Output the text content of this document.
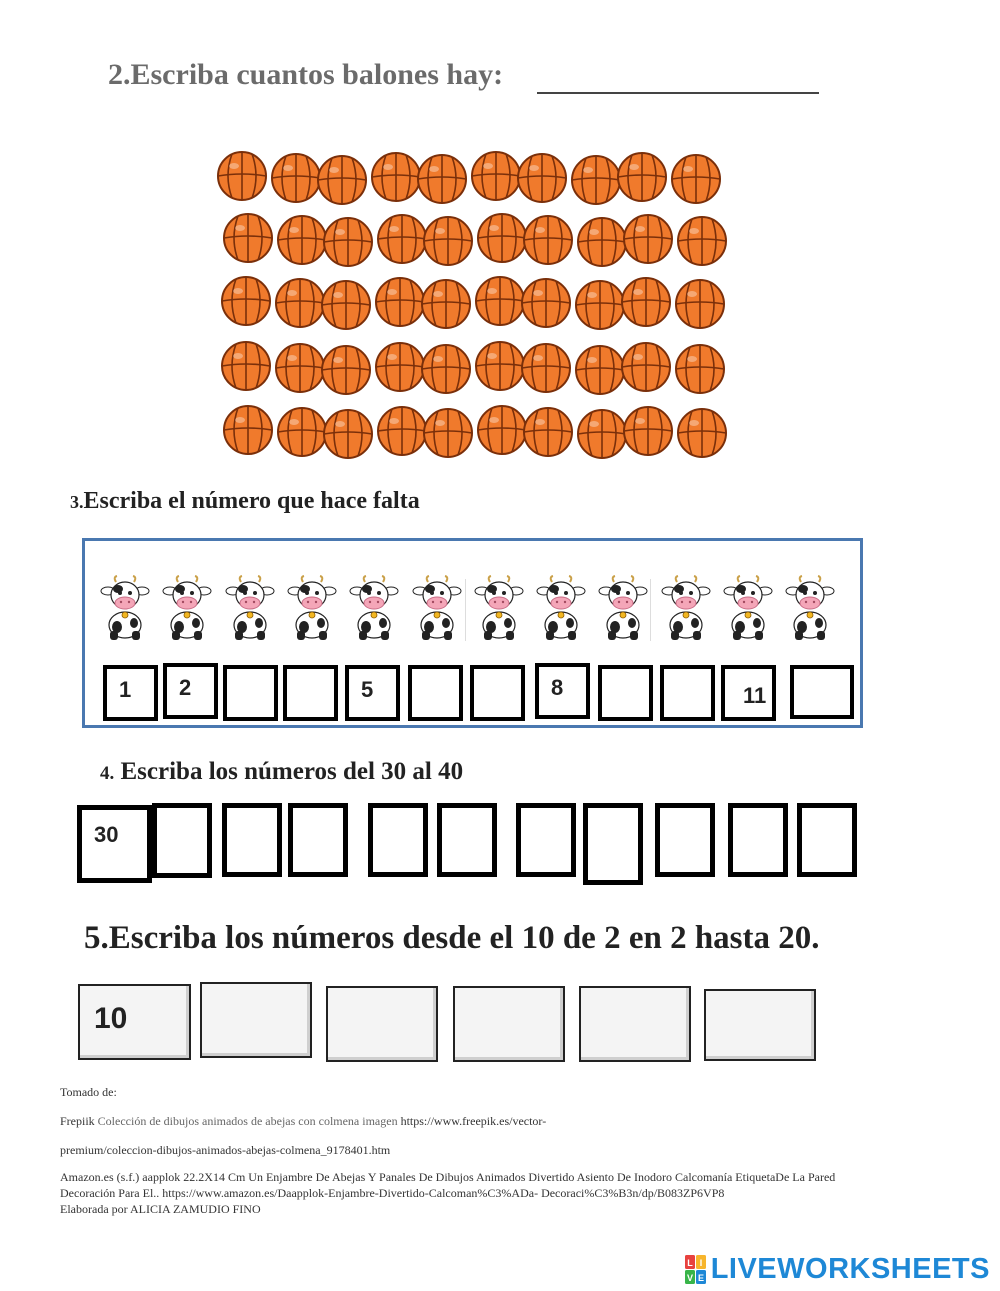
2.Escriba cuantos balones hay:
3.Escriba el número que hace falta
1 2	5	8	11
4. Escriba los números del 30 al 40
30
5.Escriba los números desde el 10 de 2 en 2 hasta 20.
10
Tomado de:
Frepiik Colección de dibujos animados de abejas con colmena imagen https://www.freepik.es/vector-
premium/coleccion-dibujos-animados-abejas-colmena_9178401.htm
Amazon.es (s.f.) aapplok 22.2X14 Cm Un Enjambre De Abejas Y Panales De Dibujos Animados Divertido Asiento De Inodoro Calcomanía EtiquetaDe La Pared
Decoración Para El.. https://www.amazon.es/Daapplok-Enjambre-Divertido-Calcoman%C3%ADa- Decoraci%C3%B3n/dp/B083ZP6VP8
Elaborada por ALICIA ZAMUDIO FINO
L I
V E LIVEWORKSHEETS
